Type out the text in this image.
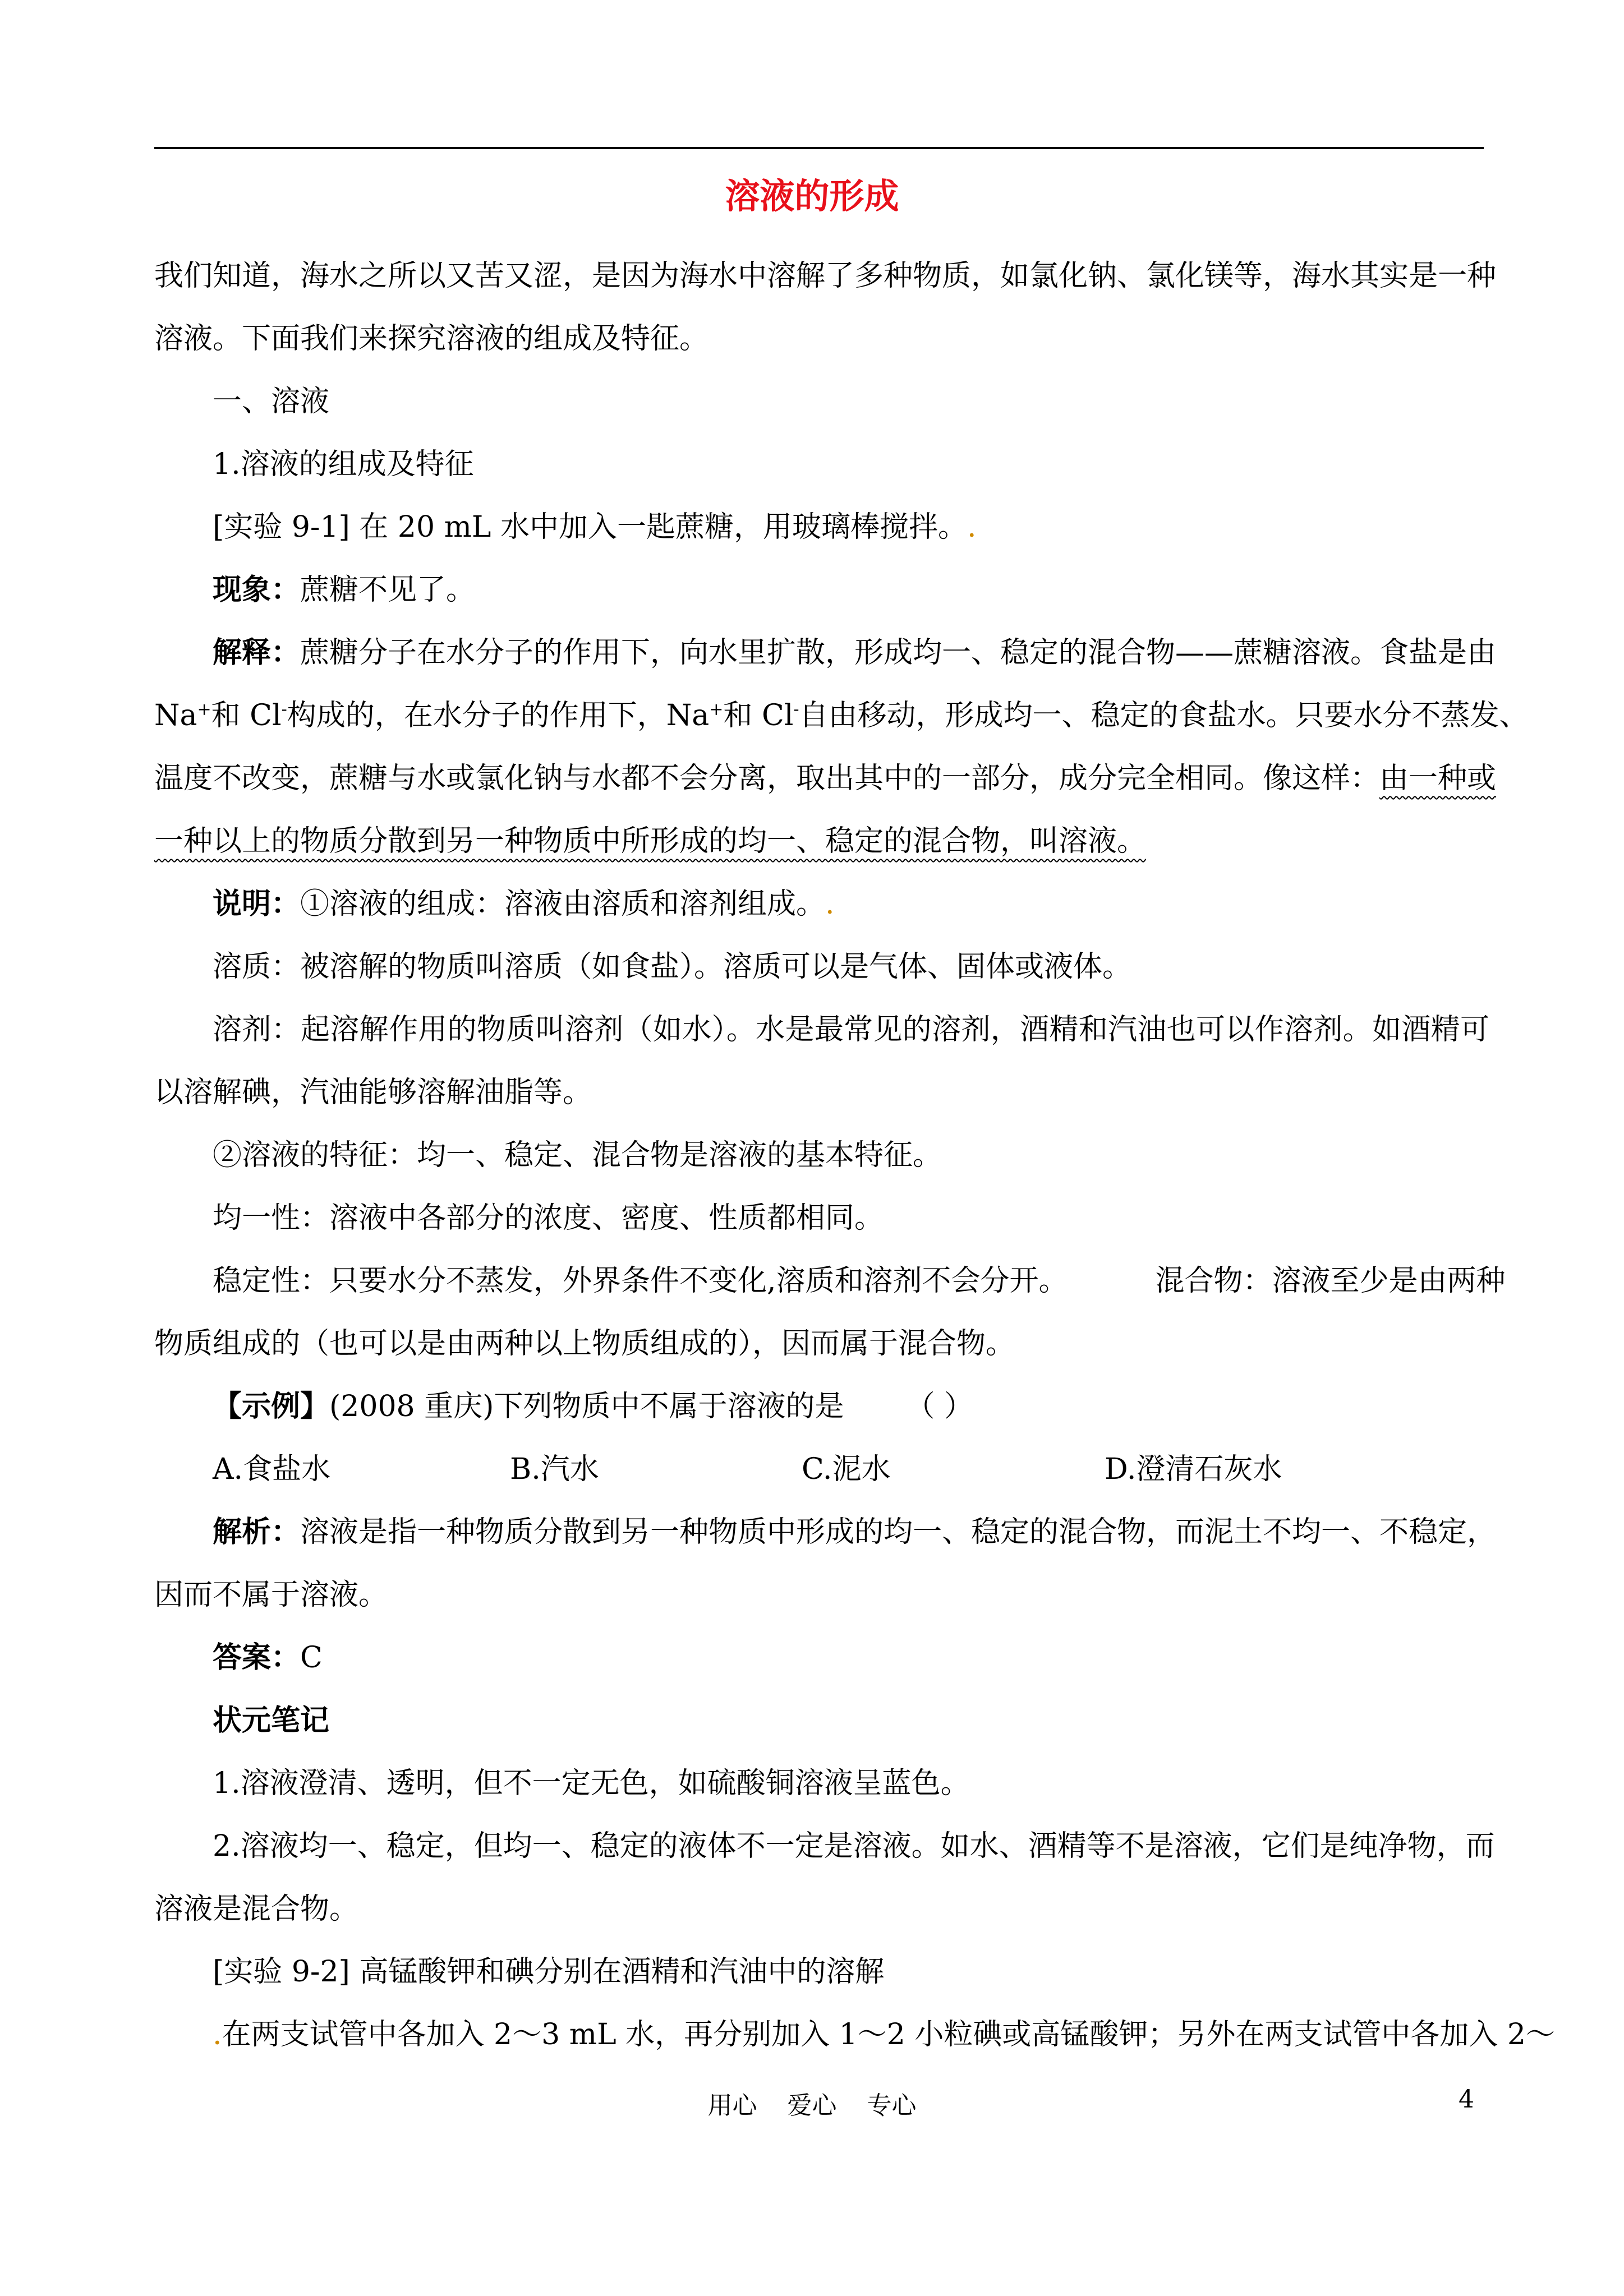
溶液的形成

我们知道，海水之所以又苦又涩，是因为海水中溶解了多种物质，如氯化钠、氯化镁等，海水其实是一种

溶液。下面我们来探究溶液的组成及特征。

一、溶液

1.溶液的组成及特征

[实验 9-1] 在 20 mL 水中加入一匙蔗糖，用玻璃棒搅拌。.

现象：蔗糖不见了。

解释：蔗糖分子在水分子的作用下，向水里扩散，形成均一、稳定的混合物——蔗糖溶液。食盐是由

Na+和 Cl-构成的，在水分子的作用下，Na+和 Cl-自由移动，形成均一、稳定的食盐水。只要水分不蒸发、

温度不改变，蔗糖与水或氯化钠与水都不会分离，取出其中的一部分，成分完全相同。像这样：由一种或

一种以上的物质分散到另一种物质中所形成的均一、稳定的混合物，叫溶液。

说明：①溶液的组成：溶液由溶质和溶剂组成。.

溶质：被溶解的物质叫溶质（如食盐）。溶质可以是气体、固体或液体。

溶剂：起溶解作用的物质叫溶剂（如水）。水是最常见的溶剂，酒精和汽油也可以作溶剂。如酒精可

以溶解碘，汽油能够溶解油脂等。

②溶液的特征：均一、稳定、混合物是溶液的基本特征。

均一性：溶液中各部分的浓度、密度、性质都相同。

稳定性：只要水分不蒸发，外界条件不变化,溶质和溶剂不会分开。	混合物：溶液至少是由两种

物质组成的（也可以是由两种以上物质组成的），因而属于混合物。

【示例】(2008 重庆)下列物质中不属于溶液的是 （ ）

A.食盐水	B.汽水	C.泥水	D.澄清石灰水

解析：溶液是指一种物质分散到另一种物质中形成的均一、稳定的混合物，而泥土不均一、不稳定，

因而不属于溶液。

答案：C

状元笔记

1.溶液澄清、透明，但不一定无色，如硫酸铜溶液呈蓝色。

2.溶液均一、稳定，但均一、稳定的液体不一定是溶液。如水、酒精等不是溶液，它们是纯净物，而

溶液是混合物。

[实验 9-2] 高锰酸钾和碘分别在酒精和汽油中的溶解

.在两支试管中各加入 2～3 mL 水，再分别加入 1～2 小粒碘或高锰酸钾；另外在两支试管中各加入 2～

用心 爱心 专心	4
